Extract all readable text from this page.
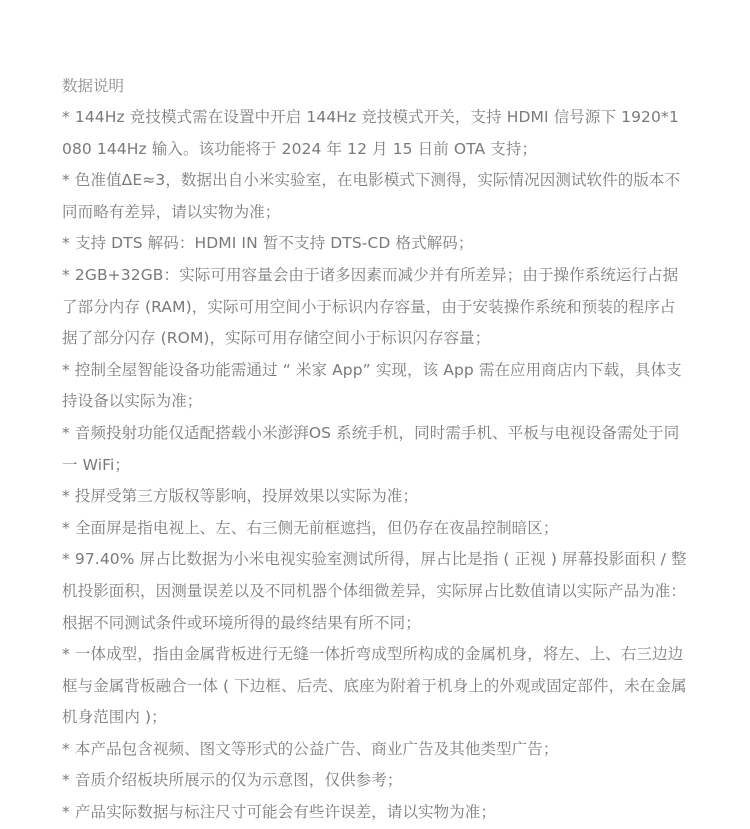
数据说明
* 144Hz 竞技模式需在设置中开启 144Hz 竞技模式开关，支持 HDMI 信号源下 1920*1080 144Hz 输入。该功能将于 2024 年 12 月 15 日前 OTA 支持；
* 色准值ΔE≈3，数据出自小米实验室，在电影模式下测得，实际情况因测试软件的版本不同而略有差异，请以实物为准；
* 支持 DTS 解码：HDMI IN 暂不支持 DTS-CD 格式解码；
* 2GB+32GB：实际可用容量会由于诸多因素而减少并有所差异；由于操作系统运行占据了部分内存 (RAM)，实际可用空间小于标识内存容量，由于安装操作系统和预装的程序占据了部分闪存 (ROM)，实际可用存储空间小于标识闪存容量；
* 控制全屋智能设备功能需通过 “ 米家 App” 实现，该 App 需在应用商店内下载，具体支持设备以实际为准；
* 音频投射功能仅适配搭载小米澎湃OS 系统手机，同时需手机、平板与电视设备需处于同一 WiFi；
* 投屏受第三方版权等影响，投屏效果以实际为准；
* 全面屏是指电视上、左、右三侧无前框遮挡，但仍存在夜晶控制暗区；
* 97.40% 屏占比数据为小米电视实验室测试所得，屏占比是指 ( 正视 ) 屏幕投影面积 / 整机投影面积，因测量误差以及不同机器个体细微差异，实际屏占比数值请以实际产品为准：根据不同测试条件或环境所得的最终结果有所不同；
* 一体成型，指由金属背板进行无缝一体折弯成型所构成的金属机身，将左、上、右三边边框与金属背板融合一体 ( 下边框、后壳、底座为附着于机身上的外观或固定部件，未在金属机身范围内 )；
* 本产品包含视频、图文等形式的公益广告、商业广告及其他类型广告；
* 音质介绍板块所展示的仅为示意图，仅供参考；
* 产品实际数据与标注尺寸可能会有些许误差，请以实物为准；
